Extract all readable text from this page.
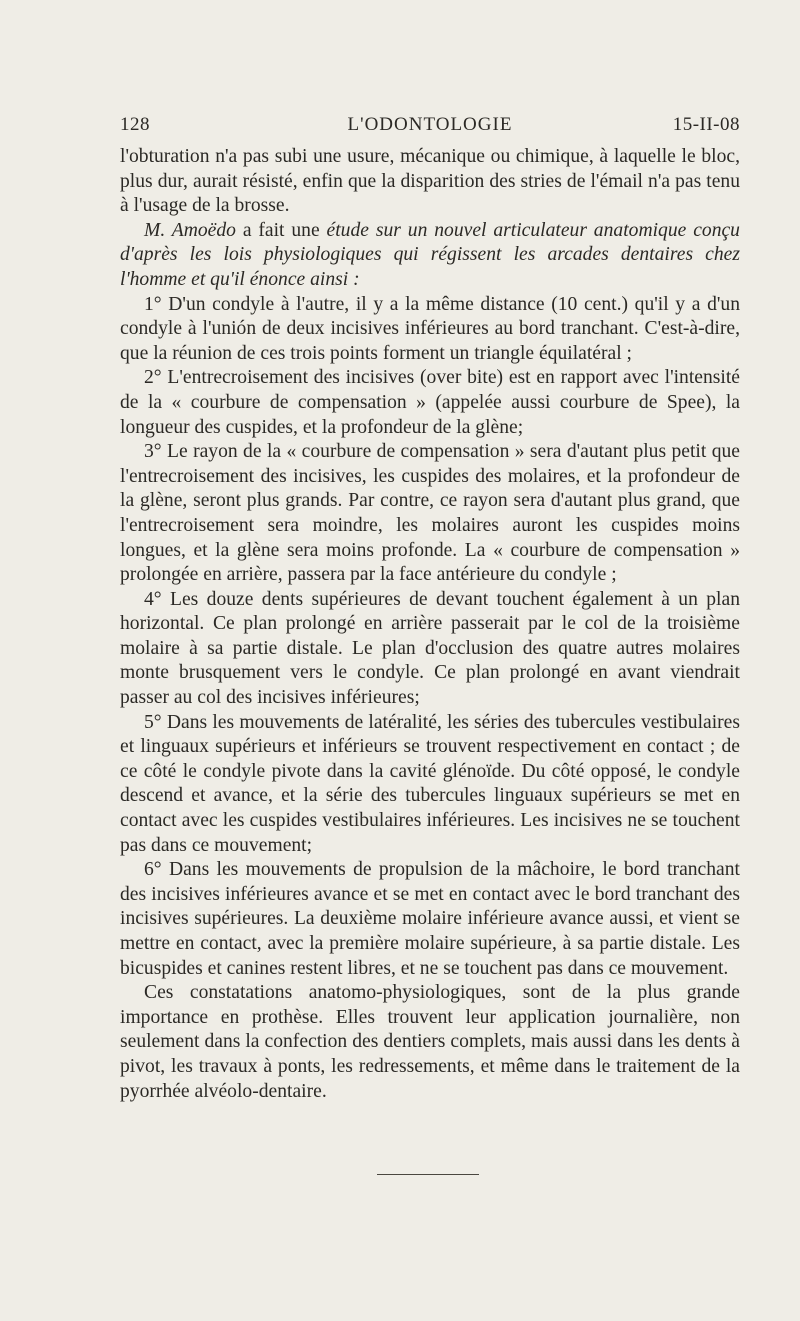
128	L'ODONTOLOGIE	15-II-08

l'obturation n'a pas subi une usure, mécanique ou chimique, à laquelle le bloc, plus dur, aurait résisté, enfin que la disparition des stries de l'émail n'a pas tenu à l'usage de la brosse.

M. Amoëdo a fait une étude sur un nouvel articulateur anatomique conçu d'après les lois physiologiques qui régissent les arcades dentaires chez l'homme et qu'il énonce ainsi :

1° D'un condyle à l'autre, il y a la même distance (10 cent.) qu'il y a d'un condyle à l'unión de deux incisives inférieures au bord tranchant. C'est-à-dire, que la réunion de ces trois points forment un triangle équilatéral ;

2° L'entrecroisement des incisives (over bite) est en rapport avec l'intensité de la « courbure de compensation » (appelée aussi courbure de Spee), la longueur des cuspides, et la profondeur de la glène;

3° Le rayon de la « courbure de compensation » sera d'autant plus petit que l'entrecroisement des incisives, les cuspides des molaires, et la profondeur de la glène, seront plus grands. Par contre, ce rayon sera d'autant plus grand, que l'entrecroisement sera moindre, les molaires auront les cuspides moins longues, et la glène sera moins profonde. La « courbure de compensation » prolongée en arrière, passera par la face antérieure du condyle ;

4° Les douze dents supérieures de devant touchent également à un plan horizontal. Ce plan prolongé en arrière passerait par le col de la troisième molaire à sa partie distale. Le plan d'occlusion des quatre autres molaires monte brusquement vers le condyle. Ce plan prolongé en avant viendrait passer au col des incisives inférieures;

5° Dans les mouvements de latéralité, les séries des tubercules vestibulaires et linguaux supérieurs et inférieurs se trouvent respectivement en contact ; de ce côté le condyle pivote dans la cavité glénoïde. Du côté opposé, le condyle descend et avance, et la série des tubercules linguaux supérieurs se met en contact avec les cuspides vestibulaires inférieures. Les incisives ne se touchent pas dans ce mouvement;

6° Dans les mouvements de propulsion de la mâchoire, le bord tranchant des incisives inférieures avance et se met en contact avec le bord tranchant des incisives supérieures. La deuxième molaire inférieure avance aussi, et vient se mettre en contact, avec la première molaire supérieure, à sa partie distale. Les bicuspides et canines restent libres, et ne se touchent pas dans ce mouvement.

Ces constatations anatomo-physiologiques, sont de la plus grande importance en prothèse. Elles trouvent leur application journalière, non seulement dans la confection des dentiers complets, mais aussi dans les dents à pivot, les travaux à ponts, les redressements, et même dans le traitement de la pyorrhée alvéolo-dentaire.
